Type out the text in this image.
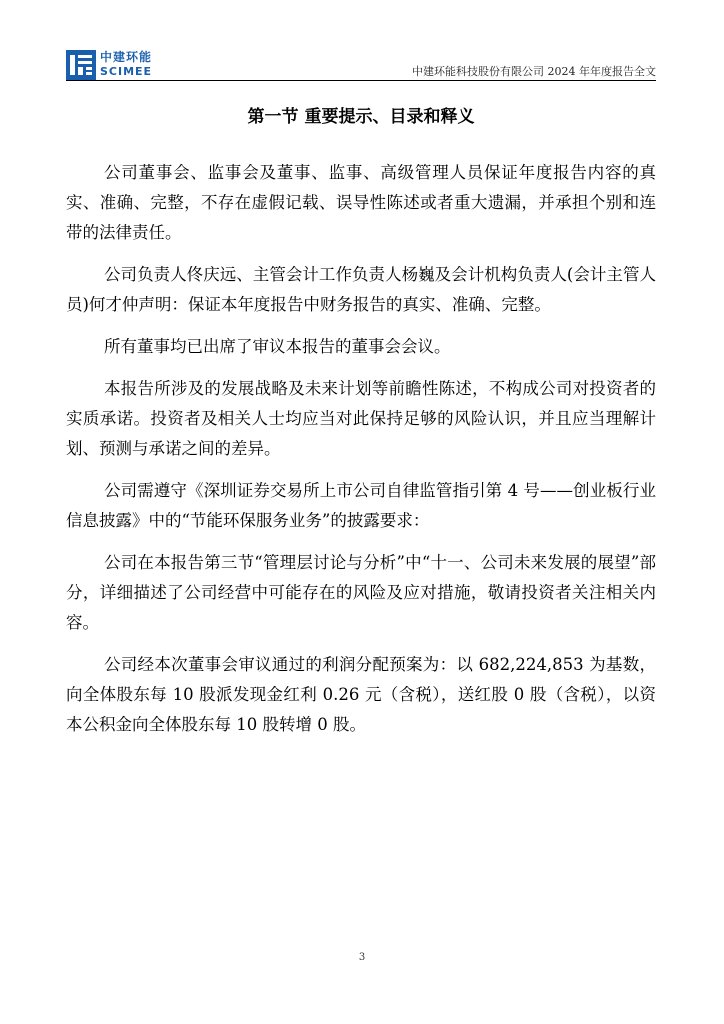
中建环能
SCIMEE	中建环能科技股份有限公司 2024 年年度报告全文
第一节 重要提示、目录和释义

公司董事会、监事会及董事、监事、高级管理人员保证年度报告内容的真实、准确、完整，不存在虚假记载、误导性陈述或者重大遗漏，并承担个别和连带的法律责任。

公司负责人佟庆远、主管会计工作负责人杨巍及会计机构负责人(会计主管人员)何才仲声明：保证本年度报告中财务报告的真实、准确、完整。

所有董事均已出席了审议本报告的董事会会议。

本报告所涉及的发展战略及未来计划等前瞻性陈述，不构成公司对投资者的实质承诺。投资者及相关人士均应当对此保持足够的风险认识，并且应当理解计划、预测与承诺之间的差异。

公司需遵守《深圳证券交易所上市公司自律监管指引第 4 号——创业板行业信息披露》中的“节能环保服务业务”的披露要求：

公司在本报告第三节“管理层讨论与分析”中“十一、公司未来发展的展望”部分，详细描述了公司经营中可能存在的风险及应对措施，敬请投资者关注相关内容。

公司经本次董事会审议通过的利润分配预案为：以 682,224,853 为基数，向全体股东每 10 股派发现金红利 0.26 元（含税），送红股 0 股（含税），以资本公积金向全体股东每 10 股转增 0 股。

3
